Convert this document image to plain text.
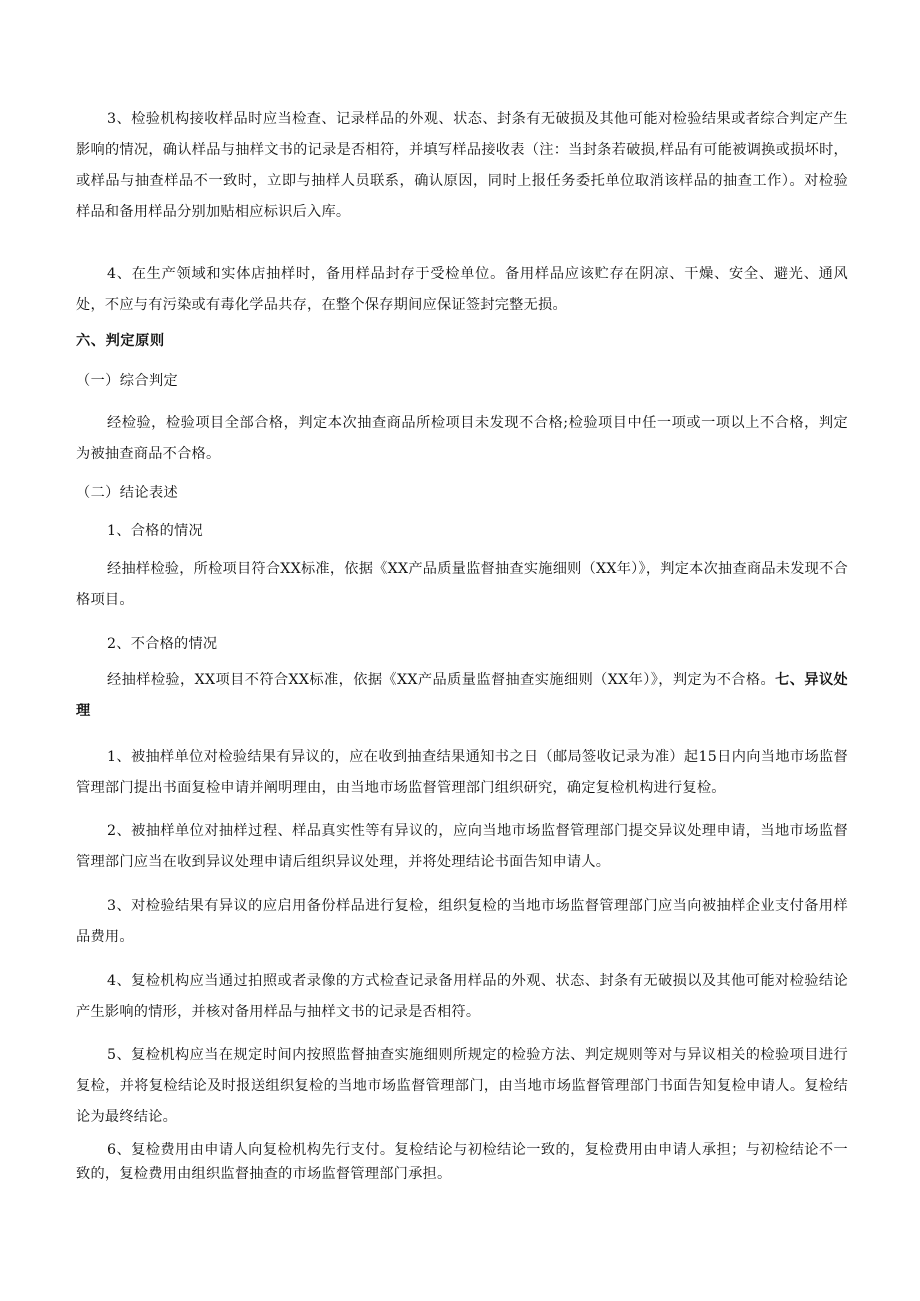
3、检验机构接收样品时应当检查、记录样品的外观、状态、封条有无破损及其他可能对检验结果或者综合判定产生影响的情况，确认样品与抽样文书的记录是否相符，并填写样品接收表（注：当封条若破损,样品有可能被调换或损坏时，或样品与抽查样品不一致时，立即与抽样人员联系，确认原因，同时上报任务委托单位取消该样品的抽查工作）。对检验样品和备用样品分别加贴相应标识后入库。

4、在生产领域和实体店抽样时，备用样品封存于受检单位。备用样品应该贮存在阴凉、干燥、安全、避光、通风处，不应与有污染或有毒化学品共存，在整个保存期间应保证签封完整无损。

六、判定原则

（一）综合判定

经检验，检验项目全部合格，判定本次抽查商品所检项目未发现不合格;检验项目中任一项或一项以上不合格，判定为被抽查商品不合格。

（二）结论表述

1、合格的情况

经抽样检验，所检项目符合XX标准，依据《XX产品质量监督抽查实施细则（XX年）》，判定本次抽查商品未发现不合格项目。

2、不合格的情况

经抽样检验，XX项目不符合XX标准，依据《XX产品质量监督抽查实施细则（XX年）》，判定为不合格。七、异议处理

1、被抽样单位对检验结果有异议的，应在收到抽查结果通知书之日（邮局签收记录为准）起15日内向当地市场监督管理部门提出书面复检申请并阐明理由，由当地市场监督管理部门组织研究，确定复检机构进行复检。

2、被抽样单位对抽样过程、样品真实性等有异议的，应向当地市场监督管理部门提交异议处理申请，当地市场监督管理部门应当在收到异议处理申请后组织异议处理，并将处理结论书面告知申请人。

3、对检验结果有异议的应启用备份样品进行复检，组织复检的当地市场监督管理部门应当向被抽样企业支付备用样品费用。

4、复检机构应当通过拍照或者录像的方式检查记录备用样品的外观、状态、封条有无破损以及其他可能对检验结论产生影响的情形，并核对备用样品与抽样文书的记录是否相符。

5、复检机构应当在规定时间内按照监督抽查实施细则所规定的检验方法、判定规则等对与异议相关的检验项目进行复检，并将复检结论及时报送组织复检的当地市场监督管理部门，由当地市场监督管理部门书面告知复检申请人。复检结论为最终结论。

6、复检费用由申请人向复检机构先行支付。复检结论与初检结论一致的，复检费用由申请人承担；与初检结论不一致的，复检费用由组织监督抽查的市场监督管理部门承担。
